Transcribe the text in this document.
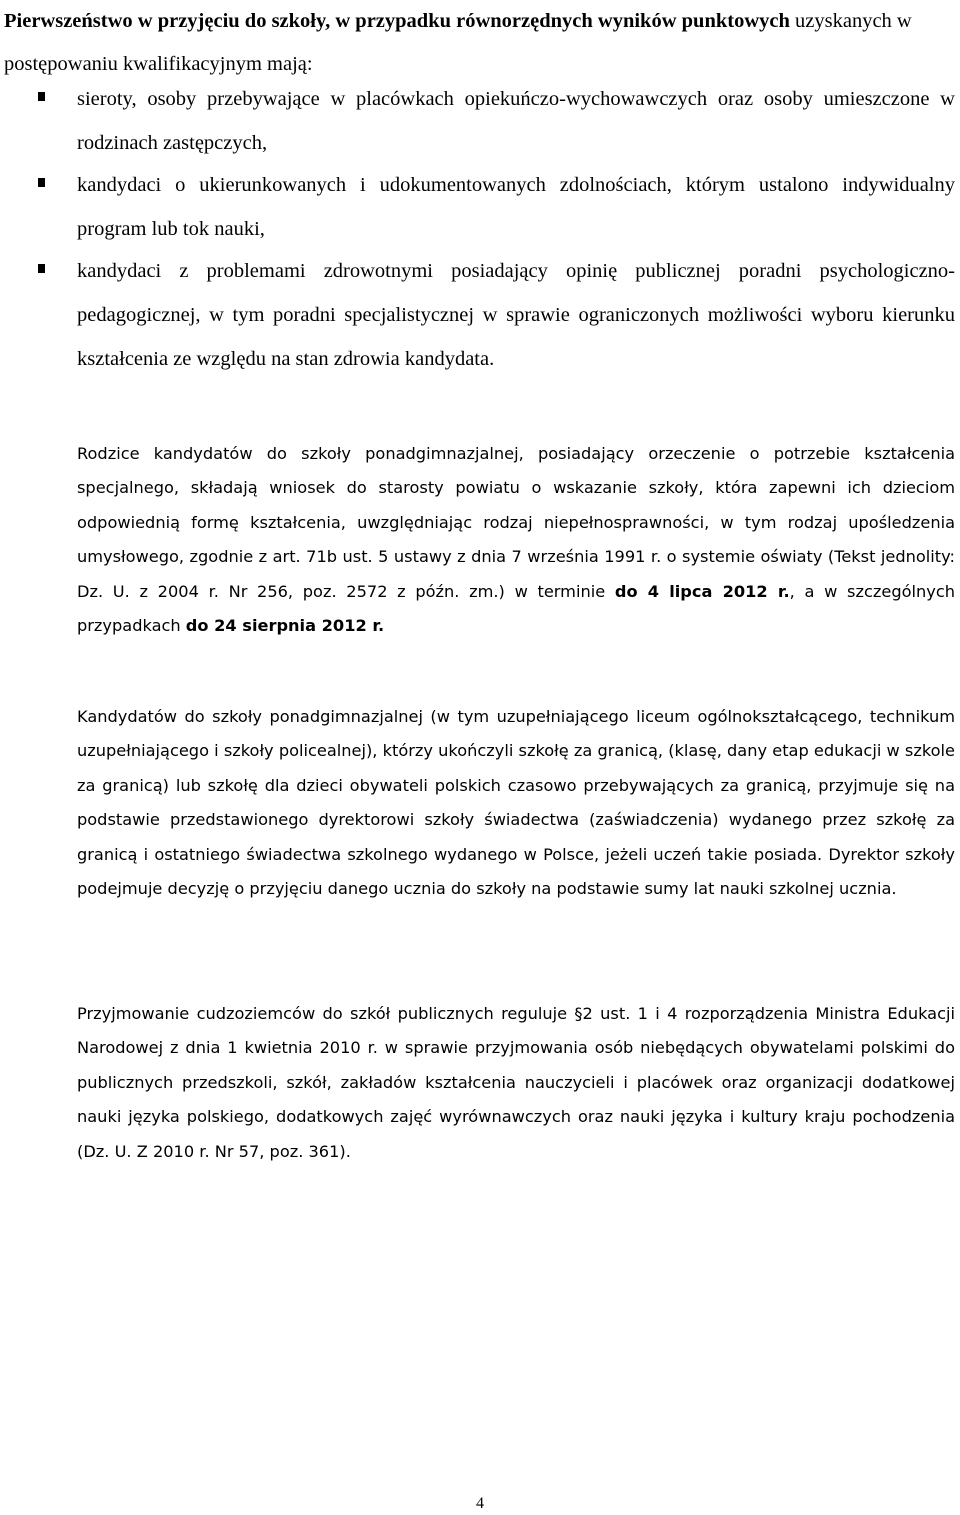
Pierwszeństwo w przyjęciu do szkoły, w przypadku równorzędnych wyników punktowych uzyskanych w postępowaniu kwalifikacyjnym mają:

sieroty, osoby przebywające w placówkach opiekuńczo-wychowawczych oraz osoby umieszczone w rodzinach zastępczych,

kandydaci o ukierunkowanych i udokumentowanych zdolnościach, którym ustalono indywidualny program lub tok nauki,

kandydaci z problemami zdrowotnymi posiadający opinię publicznej poradni psychologiczno-pedagogicznej, w tym poradni specjalistycznej w sprawie ograniczonych możliwości wyboru kierunku kształcenia ze względu na stan zdrowia kandydata.

Rodzice kandydatów do szkoły ponadgimnazjalnej, posiadający orzeczenie o potrzebie kształcenia specjalnego, składają wniosek do starosty powiatu o wskazanie szkoły, która zapewni ich dzieciom odpowiednią formę kształcenia, uwzględniając rodzaj niepełnosprawności, w tym rodzaj upośledzenia umysłowego, zgodnie z art. 71b ust. 5 ustawy z dnia 7 września 1991 r. o systemie oświaty (Tekst jednolity: Dz. U. z 2004 r. Nr 256, poz. 2572 z późn. zm.) w terminie do 4 lipca 2012 r., a w szczególnych przypadkach do 24 sierpnia 2012 r.

Kandydatów do szkoły ponadgimnazjalnej (w tym uzupełniającego liceum ogólnokształcącego, technikum uzupełniającego i szkoły policealnej), którzy ukończyli szkołę za granicą, (klasę, dany etap edukacji w szkole za granicą) lub szkołę dla dzieci obywateli polskich czasowo przebywających za granicą, przyjmuje się na podstawie przedstawionego dyrektorowi szkoły świadectwa (zaświadczenia) wydanego przez szkołę za granicą i ostatniego świadectwa szkolnego wydanego w Polsce, jeżeli uczeń takie posiada. Dyrektor szkoły podejmuje decyzję o przyjęciu danego ucznia do szkoły na podstawie sumy lat nauki szkolnej ucznia.

Przyjmowanie cudzoziemców do szkół publicznych reguluje §2 ust. 1 i 4 rozporządzenia Ministra Edukacji Narodowej z dnia 1 kwietnia 2010 r. w sprawie przyjmowania osób niebędących obywatelami polskimi do publicznych przedszkoli, szkół, zakładów kształcenia nauczycieli i placówek oraz organizacji dodatkowej nauki języka polskiego, dodatkowych zajęć wyrównawczych oraz nauki języka i kultury kraju pochodzenia (Dz. U. Z 2010 r. Nr 57, poz. 361).

4
